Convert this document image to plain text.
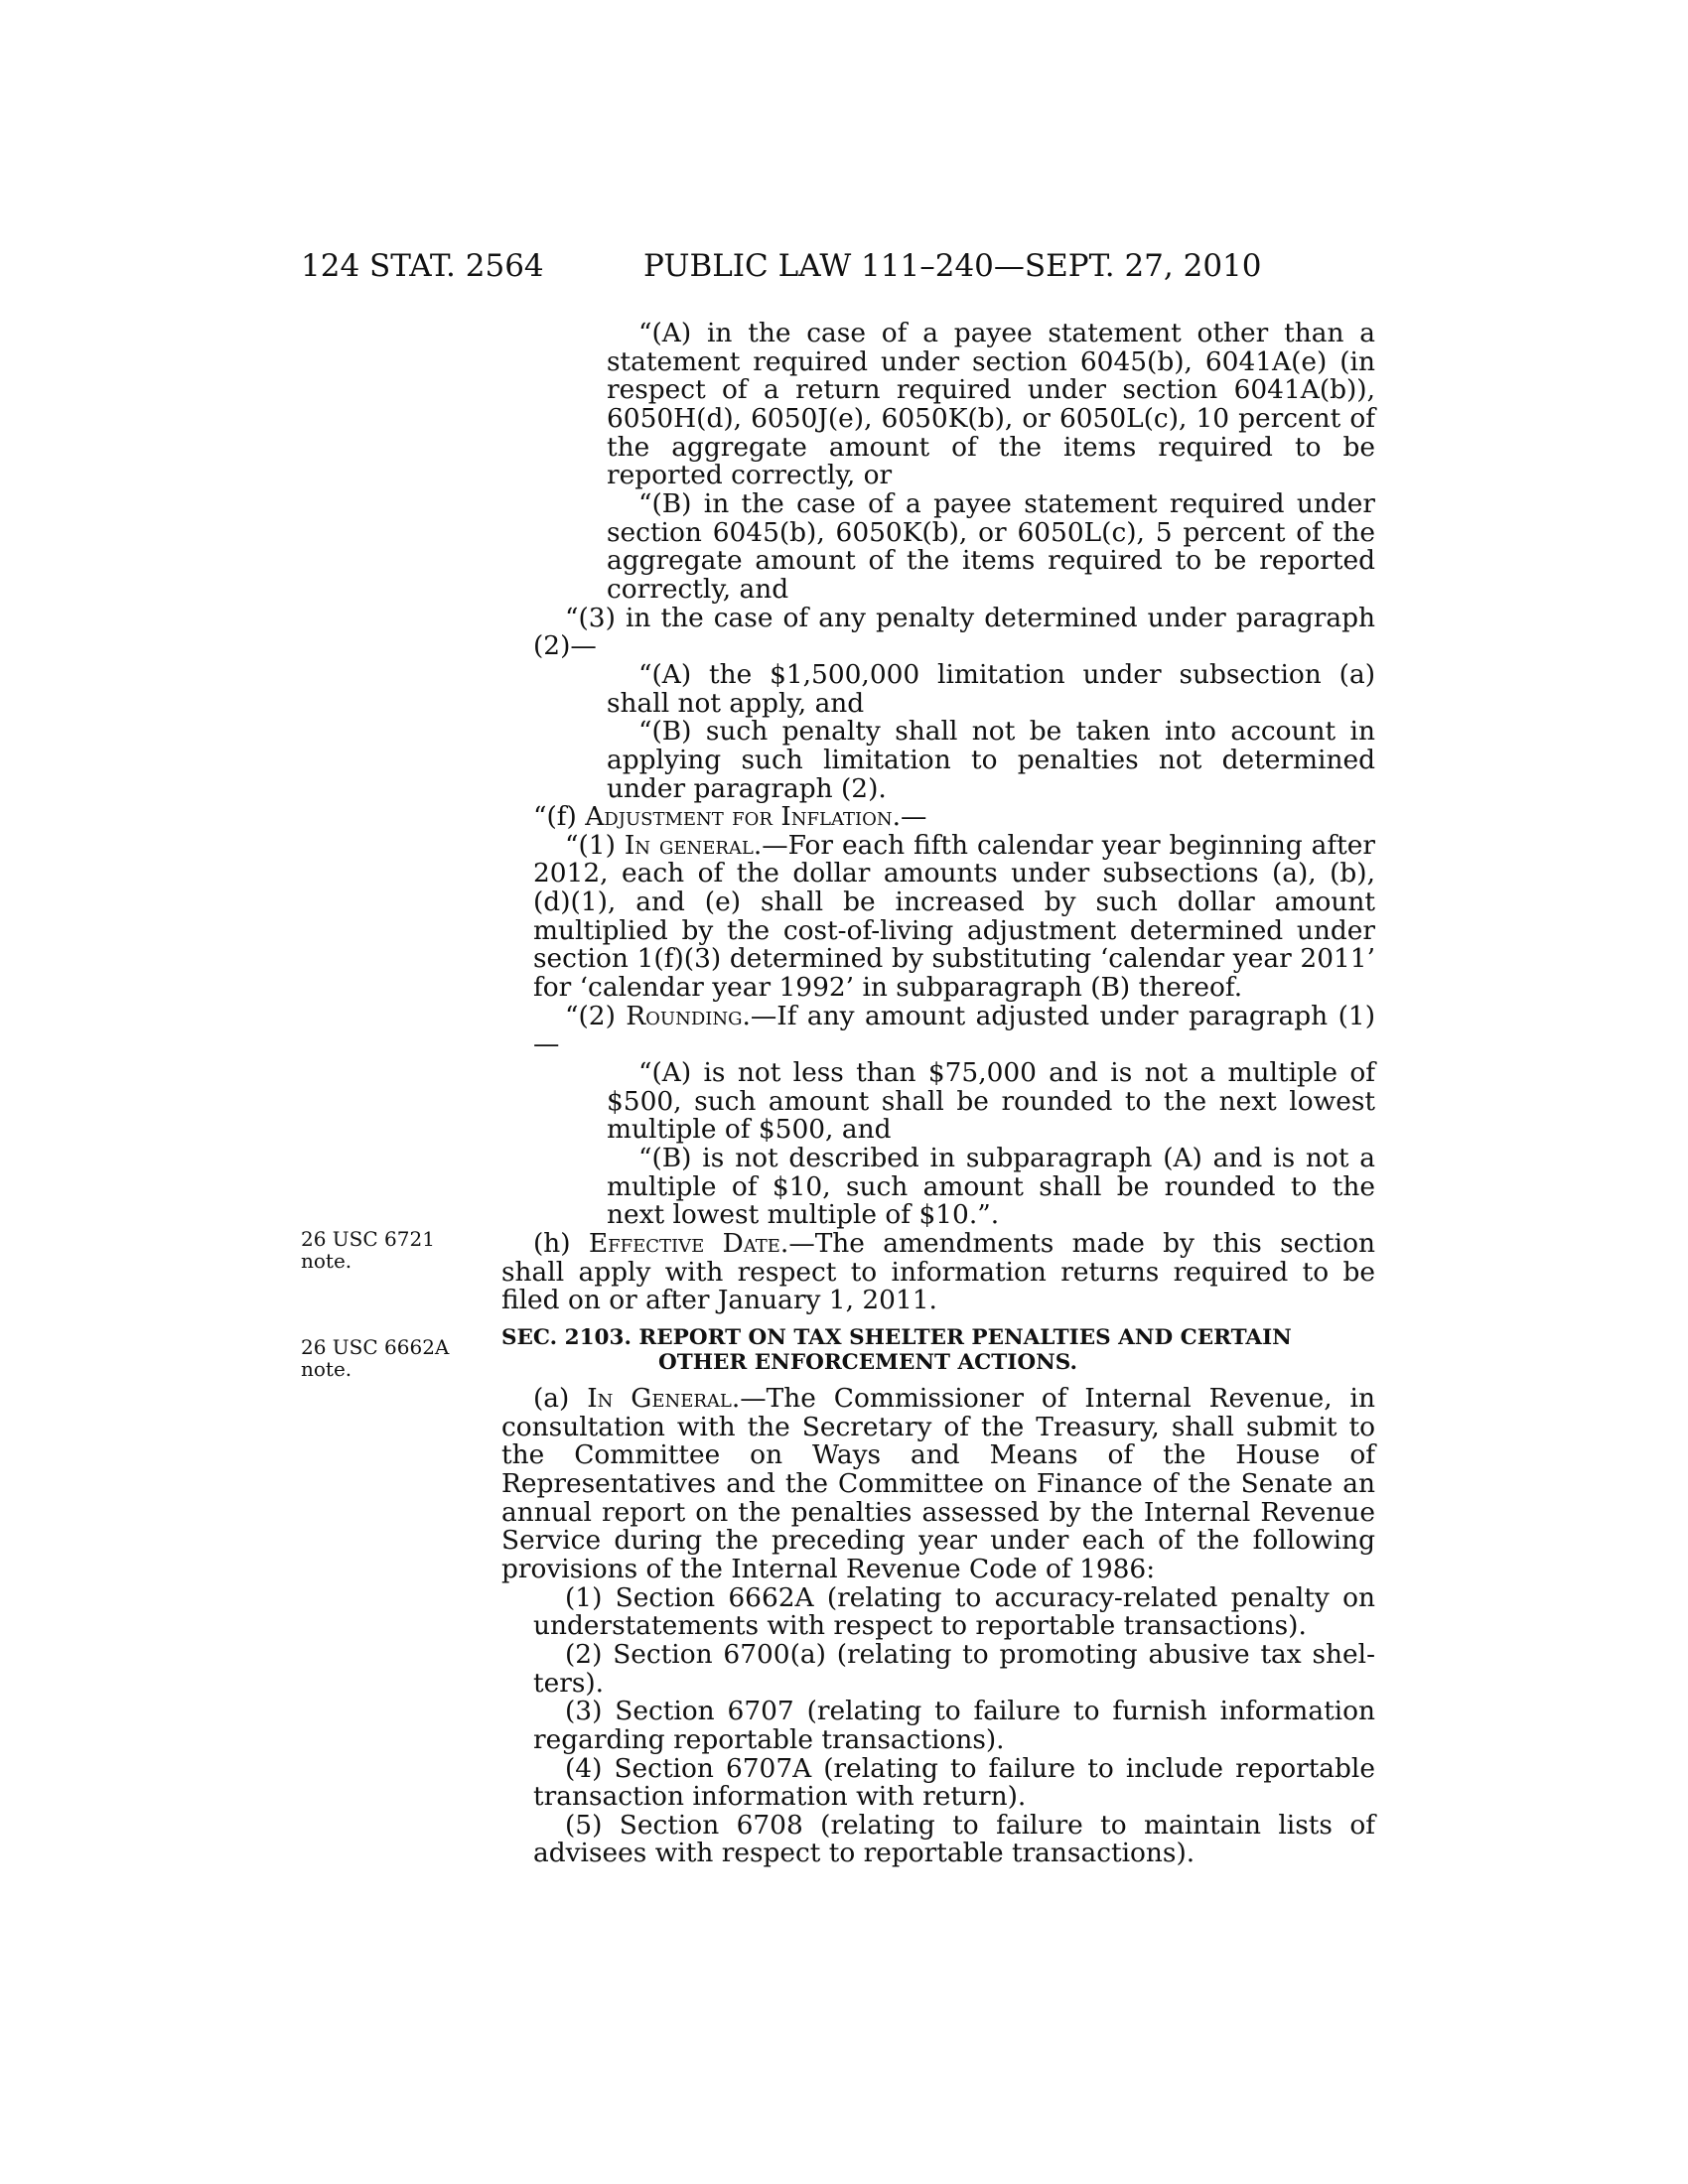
124 STAT. 2564	PUBLIC LAW 111–240—SEPT. 27, 2010
26 USC 6721
note.
26 USC 6662A
note.

“(A) in the case of a payee statement other than a statement required under section 6045(b), 6041A(e) (in respect of a return required under section 6041A(b)), 6050H(d), 6050J(e), 6050K(b), or 6050L(c), 10 percent of the aggregate amount of the items required to be reported correctly, or

“(B) in the case of a payee statement required under section 6045(b), 6050K(b), or 6050L(c), 5 percent of the aggregate amount of the items required to be reported correctly, and

“(3) in the case of any penalty determined under paragraph (2)—

“(A) the $1,500,000 limitation under subsection (a) shall not apply, and

“(B) such penalty shall not be taken into account in applying such limitation to penalties not determined under paragraph (2).

“(f) Adjustment for Inflation.—

“(1) In general.—For each fifth calendar year beginning after 2012, each of the dollar amounts under subsections (a), (b), (d)(1), and (e) shall be increased by such dollar amount multiplied by the cost-of-living adjustment determined under section 1(f)(3) determined by substituting ‘calendar year 2011’ for ‘calendar year 1992’ in subparagraph (B) thereof.

“(2) Rounding.—If any amount adjusted under paragraph (1)—

“(A) is not less than $75,000 and is not a multiple of $500, such amount shall be rounded to the next lowest multiple of $500, and

“(B) is not described in subparagraph (A) and is not a multiple of $10, such amount shall be rounded to the next lowest multiple of $10.”.

(h) Effective Date.—The amendments made by this section shall apply with respect to information returns required to be filed on or after January 1, 2011.

SEC. 2103. REPORT ON TAX SHELTER PENALTIES AND CERTAIN OTHER ENFORCEMENT ACTIONS.

(a) In General.—The Commissioner of Internal Revenue, in consultation with the Secretary of the Treasury, shall submit to the Committee on Ways and Means of the House of Representatives and the Committee on Finance of the Senate an annual report on the penalties assessed by the Internal Revenue Service during the preceding year under each of the following provisions of the Internal Revenue Code of 1986:

(1) Section 6662A (relating to accuracy-related penalty on understatements with respect to reportable transactions).

(2) Section 6700(a) (relating to promoting abusive tax shel-ters).

(3) Section 6707 (relating to failure to furnish information regarding reportable transactions).

(4) Section 6707A (relating to failure to include reportable transaction information with return).

(5) Section 6708 (relating to failure to maintain lists of advisees with respect to reportable transactions).
